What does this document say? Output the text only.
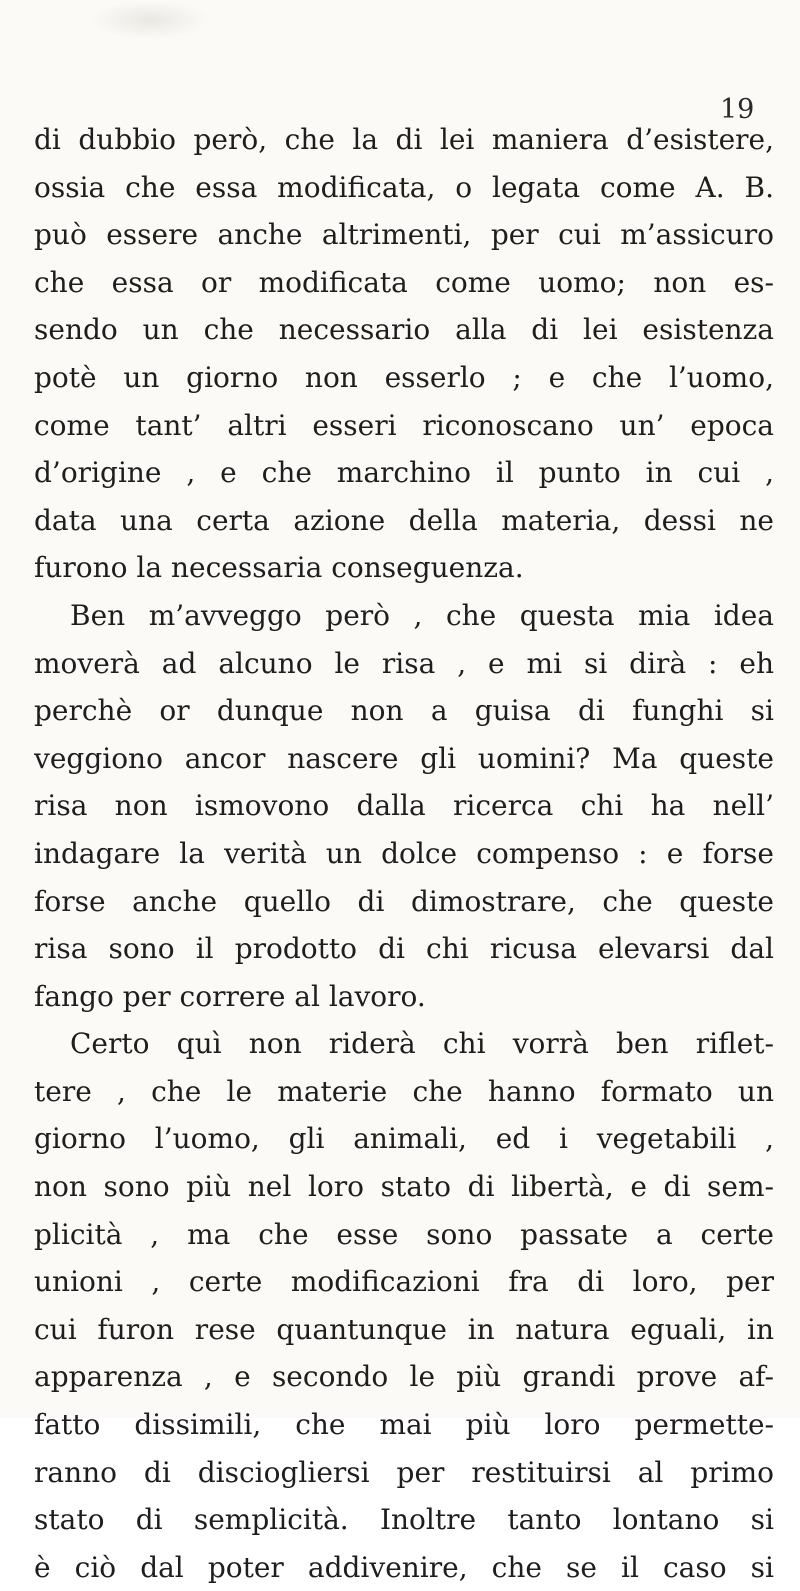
19

di dubbio però, che la di lei maniera d’esistere,
ossia che essa modificata, o legata come A. B.
può essere anche altrimenti, per cui m’assicuro
che essa or modificata come uomo; non es-
sendo un che necessario alla di lei esistenza
potè un giorno non esserlo ; e che l’uomo,
come tant’ altri esseri riconoscano un’ epoca
d’origine , e che marchino il punto in cui ,
data una certa azione della materia, dessi ne
furono la necessaria conseguenza.
Ben m’avveggo però , che questa mia idea
moverà ad alcuno le risa , e mi si dirà : eh
perchè or dunque non a guisa di funghi si
veggiono ancor nascere gli uomini? Ma queste
risa non ismovono dalla ricerca chi ha nell’
indagare la verità un dolce compenso : e forse
forse anche quello di dimostrare, che queste
risa sono il prodotto di chi ricusa elevarsi dal
fango per correre al lavoro.
Certo quì non riderà chi vorrà ben riflet-
tere , che le materie che hanno formato un
giorno l’uomo, gli animali, ed i vegetabili ,
non sono più nel loro stato di libertà, e di sem-
plicità , ma che esse sono passate a certe
unioni , certe modificazioni fra di loro, per
cui furon rese quantunque in natura eguali, in
apparenza , e secondo le più grandi prove af-
fatto dissimili, che mai più loro permette-
ranno di disciogliersi per restituirsi al primo
stato di semplicità. Inoltre tanto lontano si
è ciò dal poter addivenire, che se il caso si
